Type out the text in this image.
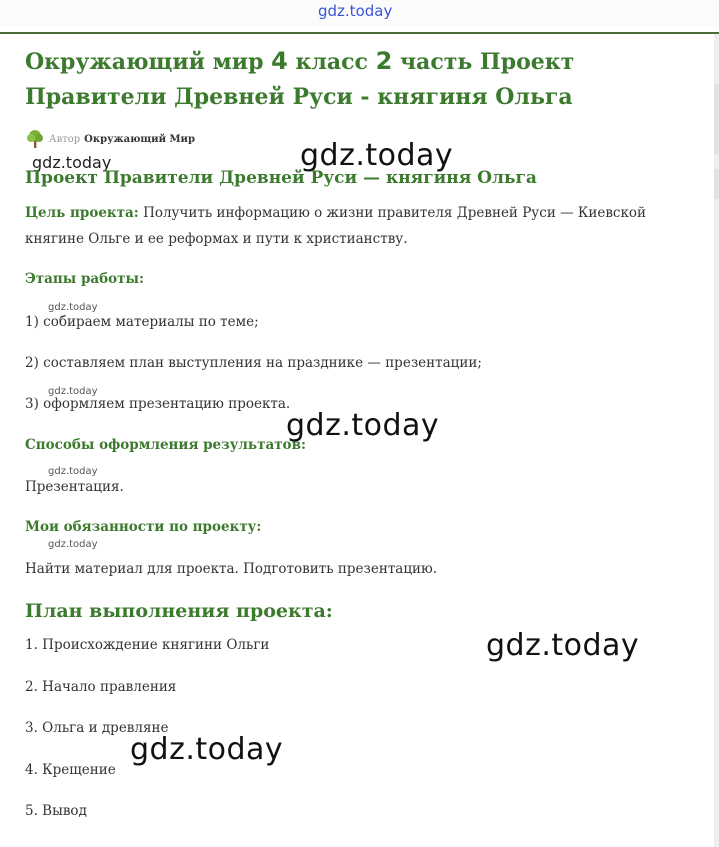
gdz.today
Окружающий мир 4 класс 2 часть Проект Правители Древней Руси - княгиня Ольга
Автор Окружающий Мир
gdz.today	gdz.today
Проект Правители Древней Руси — княгиня Ольга

Цель проекта: Получить информацию о жизни правителя Древней Руси — Киевской княгине Ольге и ее реформах и пути к христианству.

Этапы работы:
gdz.today

1) собираем материалы по теме;

2) составляем план выступления на празднике — презентации;

gdz.today

3) оформляем презентацию проекта.

gdz.today
Способы оформления результатов:
gdz.today

Презентация.

Мои обязанности по проекту:
gdz.today

Найти материал для проекта. Подготовить презентацию.

План выполнения проекта:

1. Происхождение княгини Ольги	gdz.today

2. Начало правления

3. Ольга и древляне

gdz.today

4. Крещение

5. Вывод
